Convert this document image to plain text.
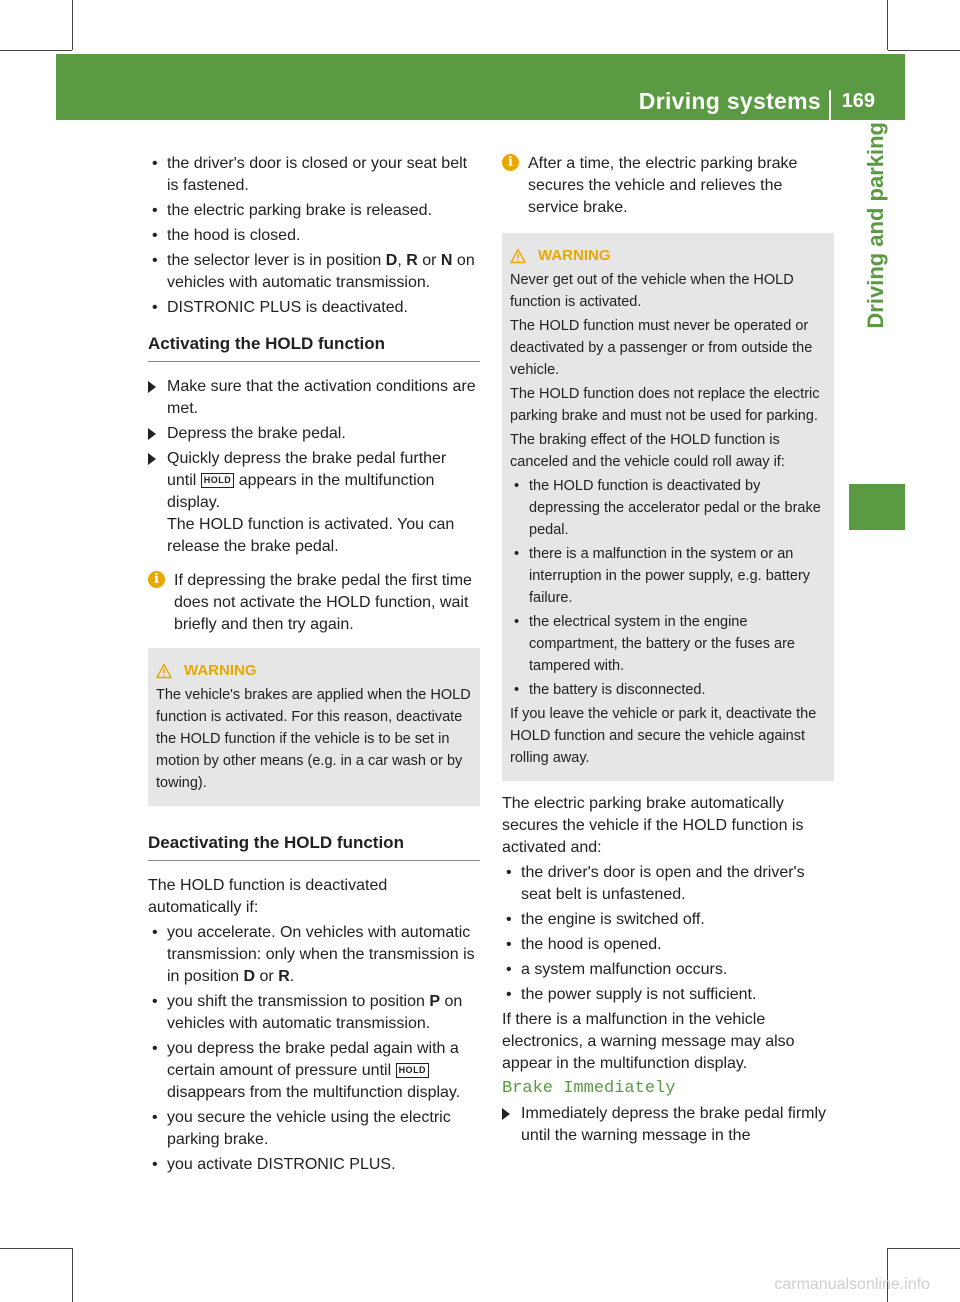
Driving systems 169
Driving and parking
• the driver's door is closed or your seat belt is fastened.
• the electric parking brake is released.
• the hood is closed.
• the selector lever is in position D, R or N on vehicles with automatic transmission.
• DISTRONIC PLUS is deactivated.
Activating the HOLD function
Make sure that the activation conditions are met.
Depress the brake pedal.
Quickly depress the brake pedal further until HOLD appears in the multifunction display.
The HOLD function is activated. You can release the brake pedal.
i If depressing the brake pedal the first time does not activate the HOLD function, wait briefly and then try again.

WARNING

The vehicle's brakes are applied when the HOLD function is activated. For this reason, deactivate the HOLD function if the vehicle is to be set in motion by other means (e.g. in a car wash or by towing).

Deactivating the HOLD function

The HOLD function is deactivated automatically if:

• you accelerate. On vehicles with automatic transmission: only when the transmission is in position D or R.
• you shift the transmission to position P on vehicles with automatic transmission.
• you depress the brake pedal again with a certain amount of pressure until HOLD disappears from the multifunction display.
• you secure the vehicle using the electric parking brake.
• you activate DISTRONIC PLUS.
i After a time, the electric parking brake secures the vehicle and relieves the service brake.

WARNING

Never get out of the vehicle when the HOLD function is activated.

The HOLD function must never be operated or deactivated by a passenger or from outside the vehicle.

The HOLD function does not replace the electric parking brake and must not be used for parking.

The braking effect of the HOLD function is canceled and the vehicle could roll away if:

• the HOLD function is deactivated by depressing the accelerator pedal or the brake pedal.
• there is a malfunction in the system or an interruption in the power supply, e.g. battery failure.
• the electrical system in the engine compartment, the battery or the fuses are tampered with.
• the battery is disconnected.

If you leave the vehicle or park it, deactivate the HOLD function and secure the vehicle against rolling away.

The electric parking brake automatically secures the vehicle if the HOLD function is activated and:

• the driver's door is open and the driver's seat belt is unfastened.
• the engine is switched off.
• the hood is opened.
• a system malfunction occurs.
• the power supply is not sufficient.

If there is a malfunction in the vehicle electronics, a warning message may also appear in the multifunction display.

Brake Immediately

Immediately depress the brake pedal firmly until the warning message in the
carmanualsonline.info
